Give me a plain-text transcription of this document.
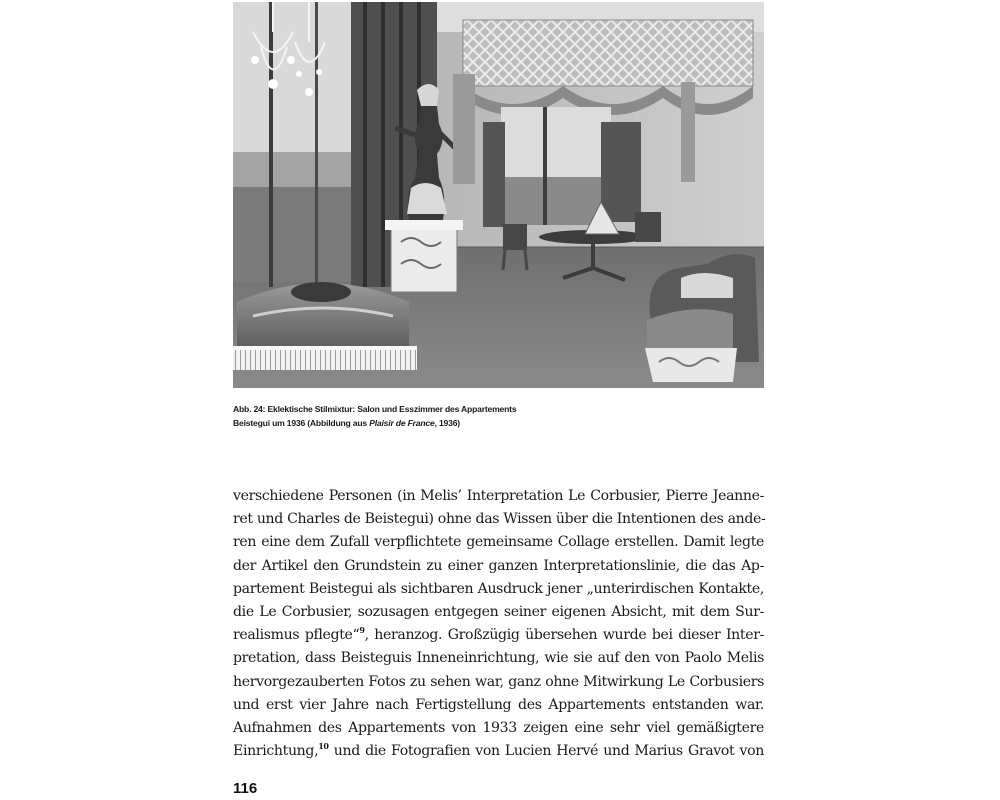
Abb. 24: Eklektische Stilmixtur: Salon und Esszimmer des Appartements
Beistegui um 1936 (Abbildung aus Plaisir de France, 1936)
verschiedene Personen (in Melis’ Interpretation Le Corbusier, Pierre Jeanne-
ret und Charles de Beistegui) ohne das Wissen über die Intentionen des ande-
ren eine dem Zufall verpflichtete gemeinsame Collage erstellen. Damit legte
der Artikel den Grundstein zu einer ganzen Interpretationslinie, die das Ap-
partement Beistegui als sichtbaren Ausdruck jener „unterirdischen Kontakte,
die Le Corbusier, sozusagen entgegen seiner eigenen Absicht, mit dem Sur-
realismus pflegte“$^9$, heranzog. Großzügig übersehen wurde bei dieser Inter-
pretation, dass Beisteguis Inneneinrichtung, wie sie auf den von Paolo Melis
hervorgezauberten Fotos zu sehen war, ganz ohne Mitwirkung Le Corbusiers
und erst vier Jahre nach Fertigstellung des Appartements entstanden war.
Aufnahmen des Appartements von 1933 zeigen eine sehr viel gemäßigtere
Einrichtung,$^{10}$ und die Fotografien von Lucien Hervé und Marius Gravot von
116
